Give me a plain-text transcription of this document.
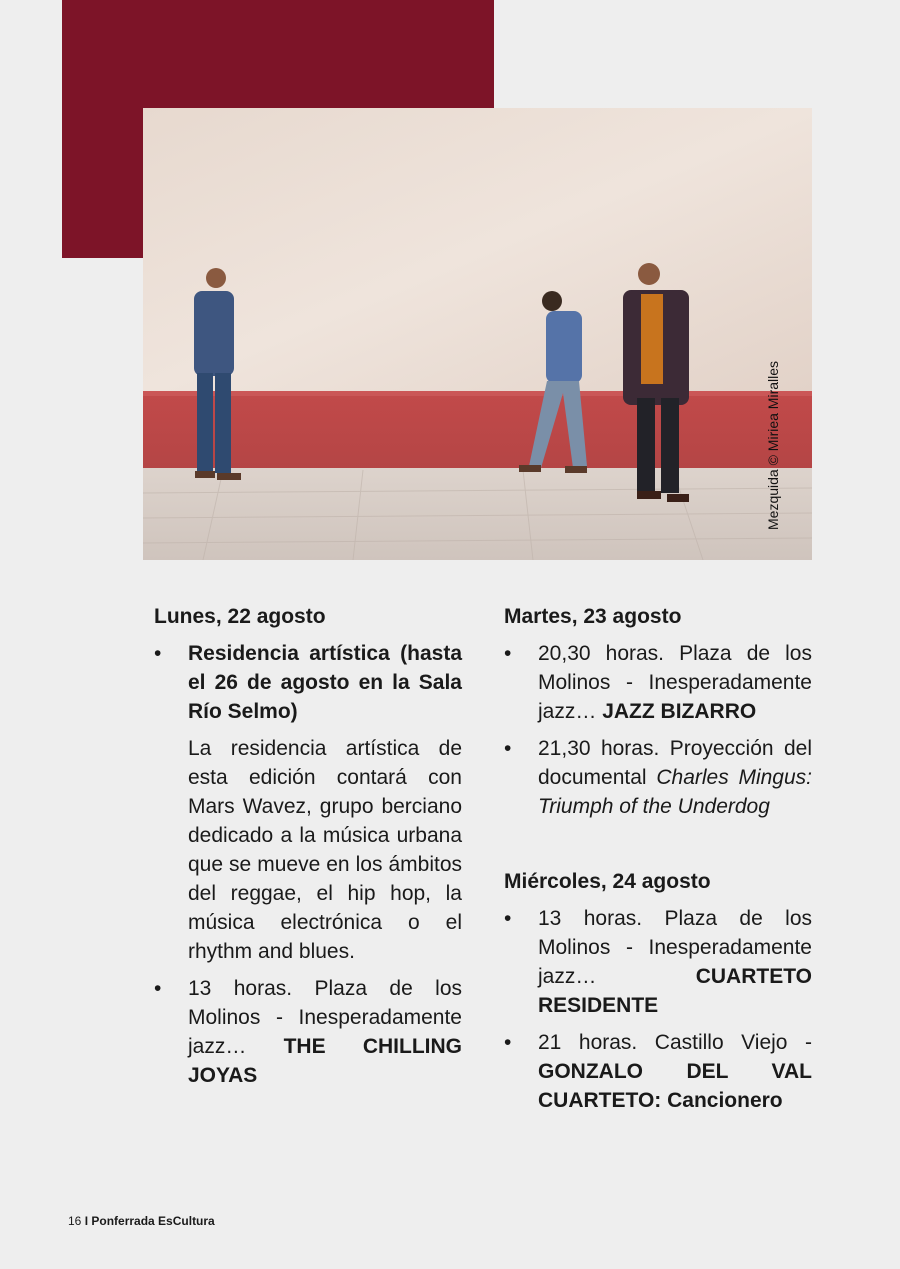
Mezquida © Miriea Miralles
Lunes, 22 agosto
• Residencia artística (hasta el 26 de agosto en la Sala Río Selmo)
La residencia artística de esta edición contará con Mars Wavez, grupo berciano dedicado a la música urbana que se mueve en los ámbitos del reggae, el hip hop, la música electrónica o el rhythm and blues.
• 13 horas. Plaza de los Molinos - Inesperadamente jazz… THE CHILLING JOYAS
Martes, 23 agosto
• 20,30 horas. Plaza de los Molinos - Inesperadamente jazz… JAZZ BIZARRO
• 21,30 horas. Proyección del documental Charles Mingus: Triumph of the Underdog
Miércoles, 24 agosto
• 13 horas. Plaza de los Molinos - Inesperadamente jazz…	CUARTETO RESIDENTE
• 21 horas. Castillo Viejo - GONZALO DEL VAL CUARTETO: Cancionero
16 I Ponferrada EsCultura
